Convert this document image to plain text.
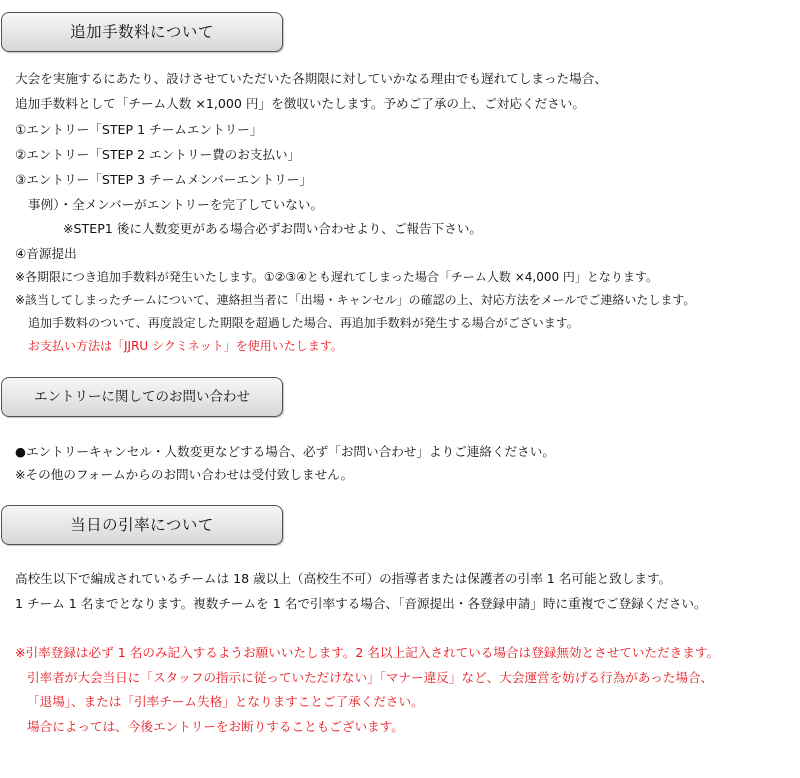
追加手数料について
大会を実施するにあたり、設けさせていただいた各期限に対していかなる理由でも遅れてしまった場合、
追加手数料として「チーム人数 ×1,000 円」を徴収いたします。予めご了承の上、ご対応ください。
①エントリー「STEP 1 チームエントリー」
②エントリー「STEP 2 エントリー費のお支払い」
③エントリー「STEP 3 チームメンバーエントリー」
事例）・全メンバーがエントリーを完了していない。
※STEP1 後に人数変更がある場合必ずお問い合わせより、ご報告下さい。
④音源提出
※各期限につき追加手数料が発生いたします。①②③④とも遅れてしまった場合「チーム人数 ×4,000 円」となります。
※該当してしまったチームについて、連絡担当者に「出場・キャンセル」の確認の上、対応方法をメールでご連絡いたします。
追加手数料のついて、再度設定した期限を超過した場合、再追加手数料が発生する場合がございます。
お支払い方法は「JJRU シクミネット」を使用いたします。
エントリーに関してのお問い合わせ
●エントリーキャンセル・人数変更などする場合、必ず「お問い合わせ」よりご連絡ください。
※その他のフォームからのお問い合わせは受付致しません。
当日の引率について
高校生以下で編成されているチームは 18 歳以上（高校生不可）の指導者または保護者の引率 1 名可能と致します。
1 チーム 1 名までとなります。複数チームを 1 名で引率する場合、「音源提出・各登録申請」時に重複でご登録ください。
※引率登録は必ず 1 名のみ記入するようお願いいたします。2 名以上記入されている場合は登録無効とさせていただきます。
引率者が大会当日に「スタッフの指示に従っていただけない」「マナー違反」など、大会運営を妨げる行為があった場合、
「退場」、または「引率チーム失格」となりますことご了承ください。
場合によっては、今後エントリーをお断りすることもございます。
